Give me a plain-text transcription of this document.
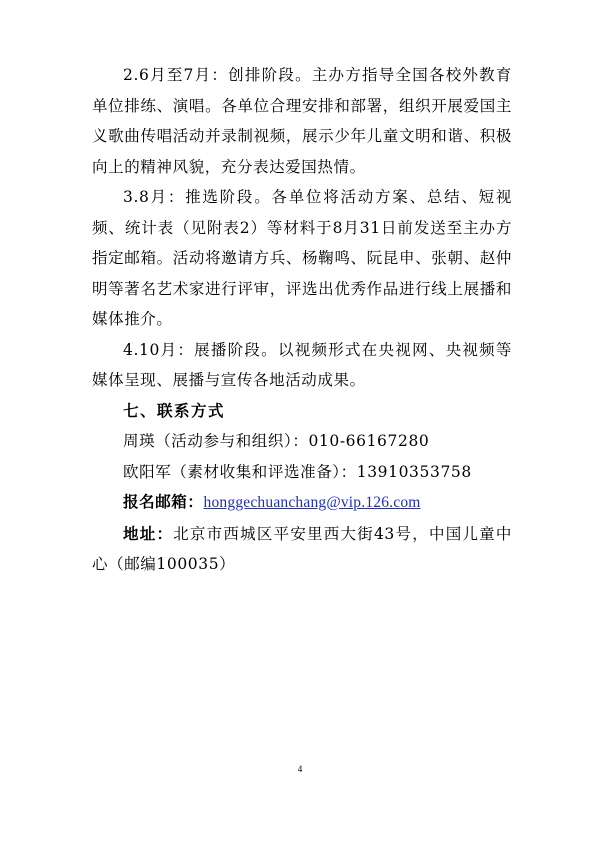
2.6月至7月：创排阶段。主办方指导全国各校外教育单位排练、演唱。各单位合理安排和部署，组织开展爱国主义歌曲传唱活动并录制视频，展示少年儿童文明和谐、积极向上的精神风貌，充分表达爱国热情。

3.8月：推选阶段。各单位将活动方案、总结、短视频、统计表（见附表2）等材料于8月31日前发送至主办方指定邮箱。活动将邀请方兵、杨鞠鸣、阮昆申、张朝、赵仲明等著名艺术家进行评审，评选出优秀作品进行线上展播和媒体推介。

4.10月：展播阶段。以视频形式在央视网、央视频等媒体呈现、展播与宣传各地活动成果。

七、联系方式

周瑛（活动参与和组织）：010-66167280

欧阳军（素材收集和评选准备）：13910353758

报名邮箱：honggechuanchang@vip.126.com

地址：北京市西城区平安里西大街43号，中国儿童中心（邮编100035）

4
